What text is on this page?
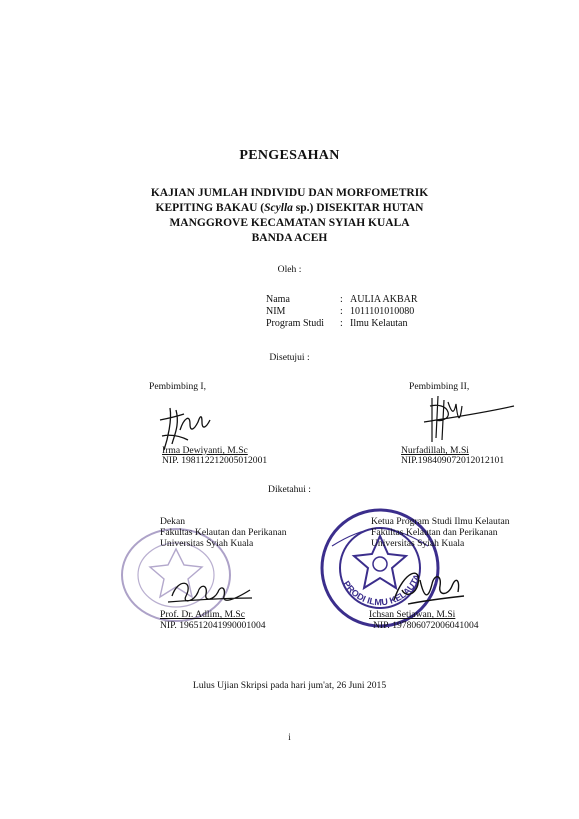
PENGESAHAN
KAJIAN JUMLAH INDIVIDU DAN MORFOMETRIK
KEPITING BAKAU (Scylla sp.) DISEKITAR HUTAN
MANGGROVE KECAMATAN SYIAH KUALA
BANDA ACEH
Oleh :
Nama	: AULIA AKBAR
NIM	: 1011101010080
Program Studi	: Ilmu Kelautan
Disetujui :
Pembimbing I,	Pembimbing II,
Irma Dewiyanti, M.Sc
NIP. 198112212005012001
Nurfadillah, M.Si
NIP.198409072012012101
Diketahui :
PRODI ILMU KELAUTAN
Dekan
Fakultas Kelautan dan Perikanan
Universitas Syiah Kuala
Ketua Program Studi Ilmu Kelautan
Fakultas Kelautan dan Perikanan
Universitas Syiah Kuala
Prof. Dr. Adlim, M.Sc
NIP. 196512041990001004
Ichsan Setiawan, M.Si
NIP. 197806072006041004
Lulus Ujian Skripsi pada hari jum'at, 26 Juni 2015
i
